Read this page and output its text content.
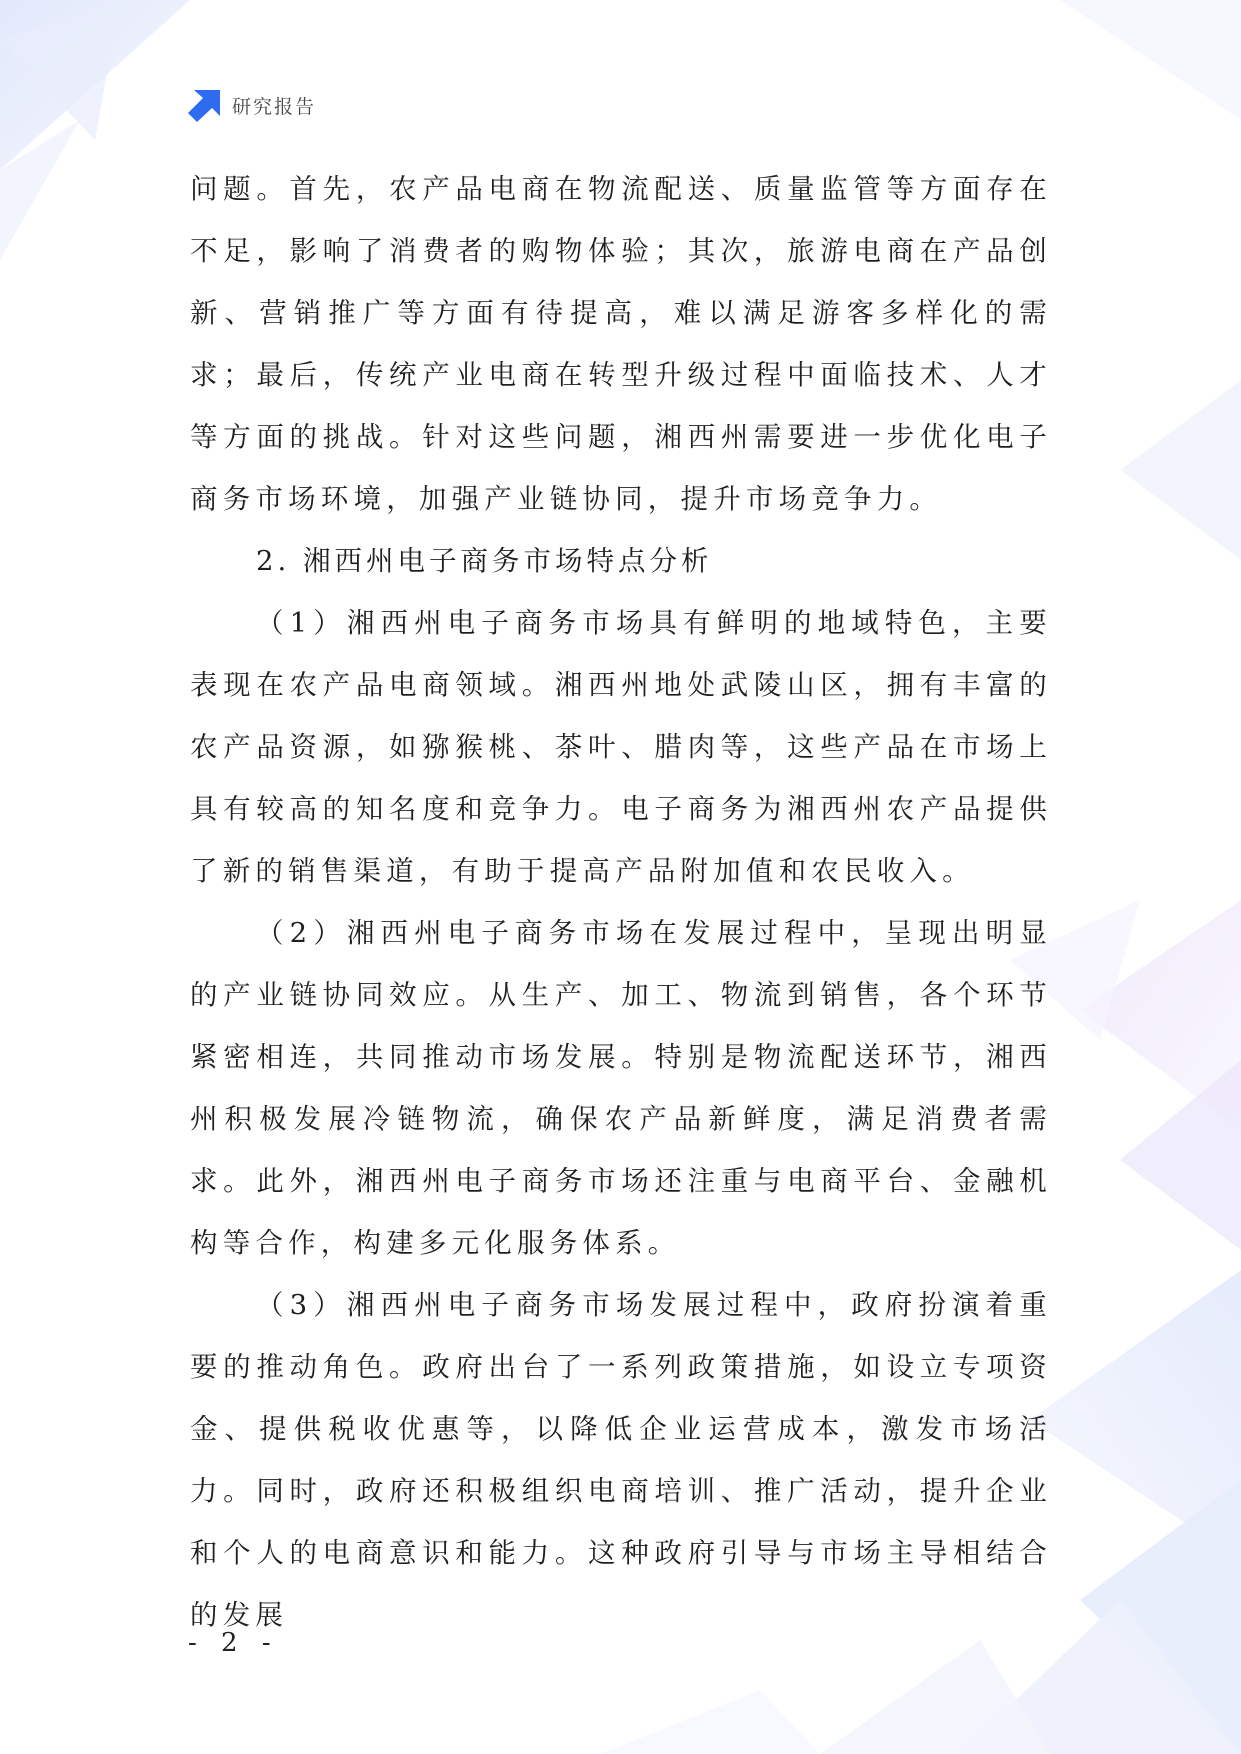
研究报告

问题。首先，农产品电商在物流配送、质量监管等方面存在不足，影响了消费者的购物体验；其次，旅游电商在产品创新、营销推广等方面有待提高，难以满足游客多样化的需求；最后，传统产业电商在转型升级过程中面临技术、人才等方面的挑战。针对这些问题，湘西州需要进一步优化电子商务市场环境，加强产业链协同，提升市场竞争力。

2. 湘西州电子商务市场特点分析

（1）湘西州电子商务市场具有鲜明的地域特色，主要表现在农产品电商领域。湘西州地处武陵山区，拥有丰富的农产品资源，如猕猴桃、茶叶、腊肉等，这些产品在市场上具有较高的知名度和竞争力。电子商务为湘西州农产品提供了新的销售渠道，有助于提高产品附加值和农民收入。

（2）湘西州电子商务市场在发展过程中，呈现出明显的产业链协同效应。从生产、加工、物流到销售，各个环节紧密相连，共同推动市场发展。特别是物流配送环节，湘西州积极发展冷链物流，确保农产品新鲜度，满足消费者需求。此外，湘西州电子商务市场还注重与电商平台、金融机构等合作，构建多元化服务体系。

（3）湘西州电子商务市场发展过程中，政府扮演着重要的推动角色。政府出台了一系列政策措施，如设立专项资金、提供税收优惠等，以降低企业运营成本，激发市场活力。同时，政府还积极组织电商培训、推广活动，提升企业和个人的电商意识和能力。这种政府引导与市场主导相结合的发展

- 2 -
